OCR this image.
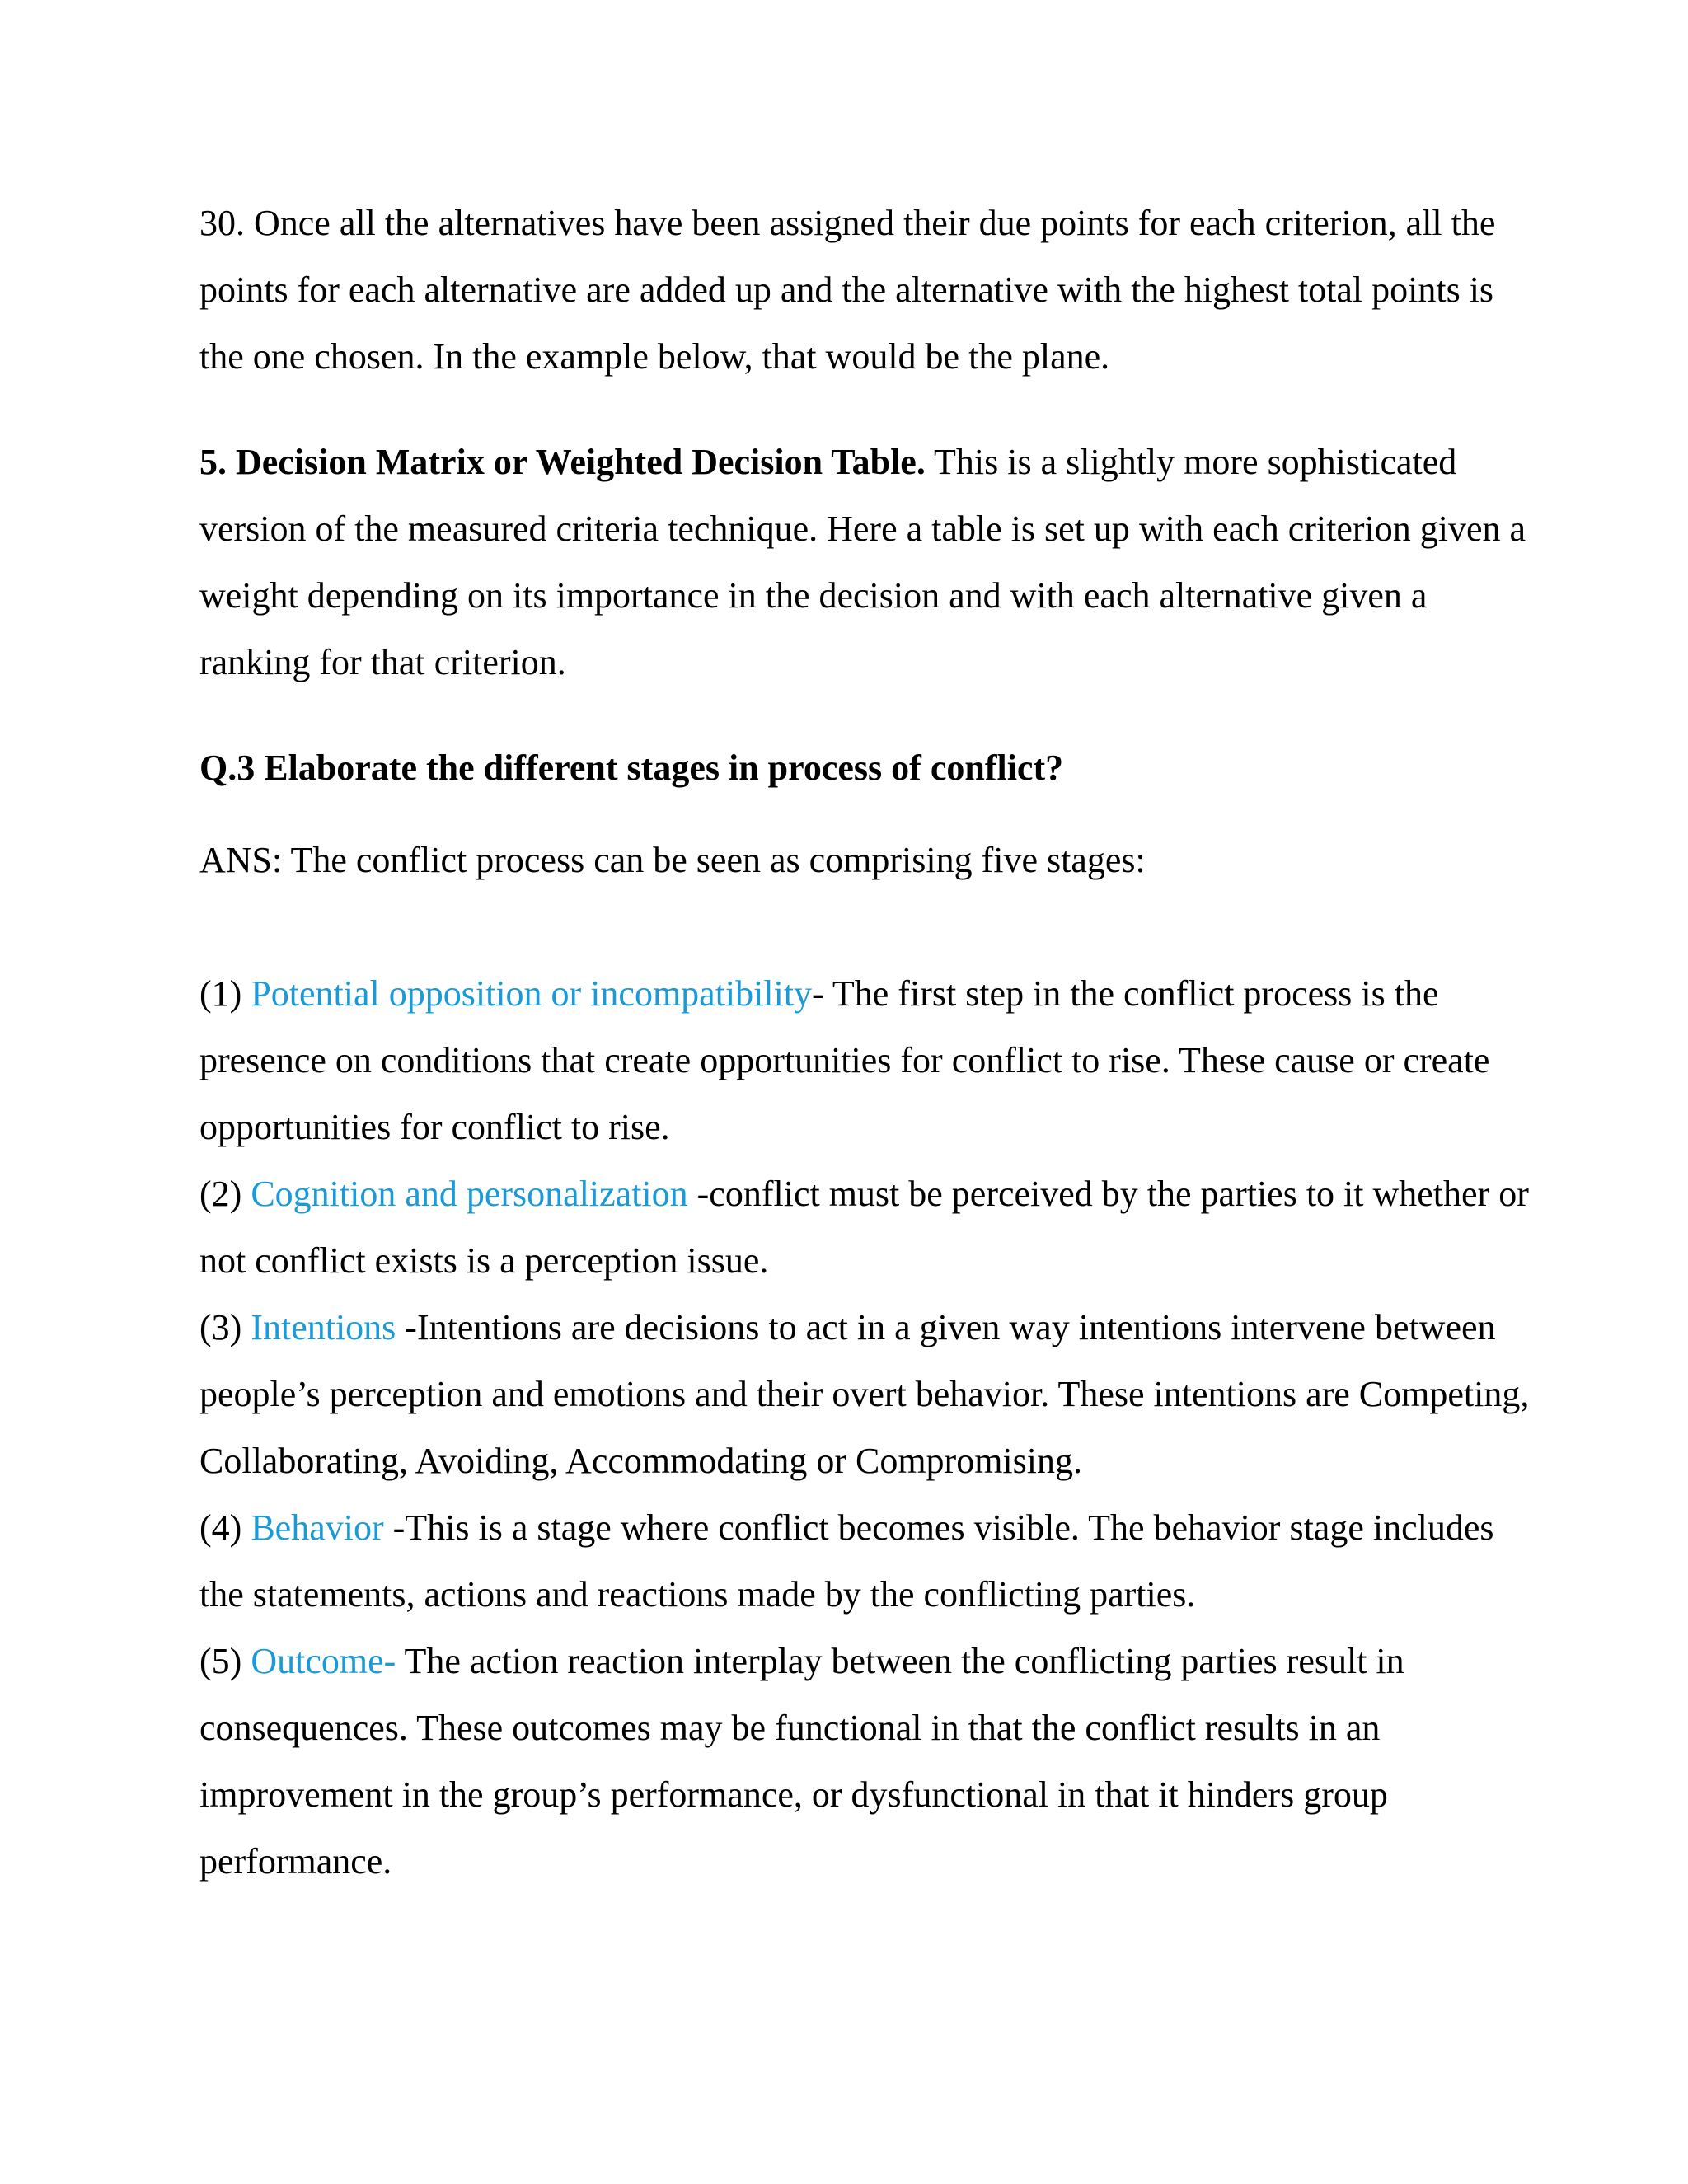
30. Once all the alternatives have been assigned their due points for each criterion, all the points for each alternative are added up and the alternative with the highest total points is the one chosen. In the example below, that would be the plane.

5. Decision Matrix or Weighted Decision Table. This is a slightly more sophisticated version of the measured criteria technique. Here a table is set up with each criterion given a weight depending on its importance in the decision and with each alternative given a ranking for that criterion.

Q.3 Elaborate the different stages in process of conflict?

ANS: The conflict process can be seen as comprising five stages:

(1) Potential opposition or incompatibility- The first step in the conflict process is the presence on conditions that create opportunities for conflict to rise. These cause or create opportunities for conflict to rise.

(2) Cognition and personalization -conflict must be perceived by the parties to it whether or not conflict exists is a perception issue.

(3) Intentions -Intentions are decisions to act in a given way intentions intervene between people’s perception and emotions and their overt behavior. These intentions are Competing, Collaborating, Avoiding, Accommodating or Compromising.

(4) Behavior -This is a stage where conflict becomes visible. The behavior stage includes the statements, actions and reactions made by the conflicting parties.

(5) Outcome- The action reaction interplay between the conflicting parties result in consequences. These outcomes may be functional in that the conflict results in an improvement in the group’s performance, or dysfunctional in that it hinders group performance.
